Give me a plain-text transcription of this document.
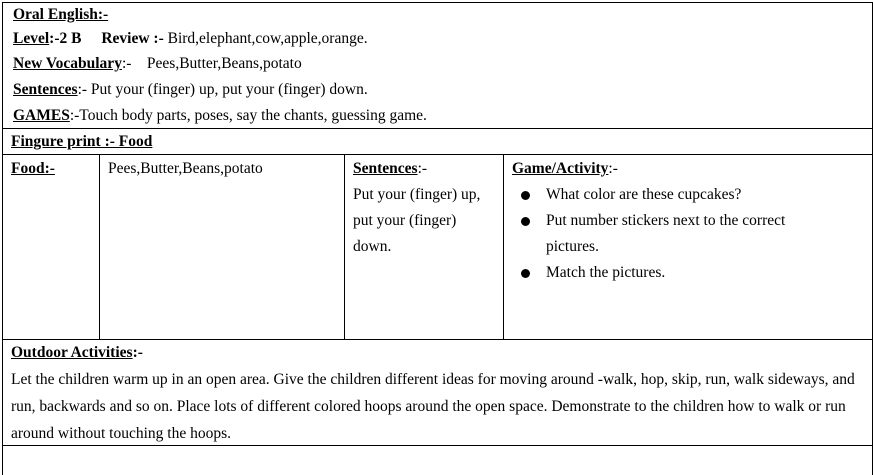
Oral English:-
Level:-2 B Review :- Bird,elephant,cow,apple,orange.
New Vocabulary:-    Pees,Butter,Beans,potato
Sentences:- Put your (finger) up, put your (finger) down.
GAMES:-Touch body parts, poses, say the chants, guessing game.
Fingure print :- Food
Food:-	Pees,Butter,Beans,potato	Sentences:-
Put your (finger) up,
put your (finger)
down.
Game/Activity:-
What color are these cupcakes?
Put number stickers next to the correct
pictures.
Match the pictures.
Outdoor Activities:-
Let the children warm up in an open area. Give the children different ideas for moving around -walk, hop, skip, run, walk sideways, and run, backwards and so on. Place lots of different colored hoops around the open space. Demonstrate to the children how to walk or run around without touching the hoops.
